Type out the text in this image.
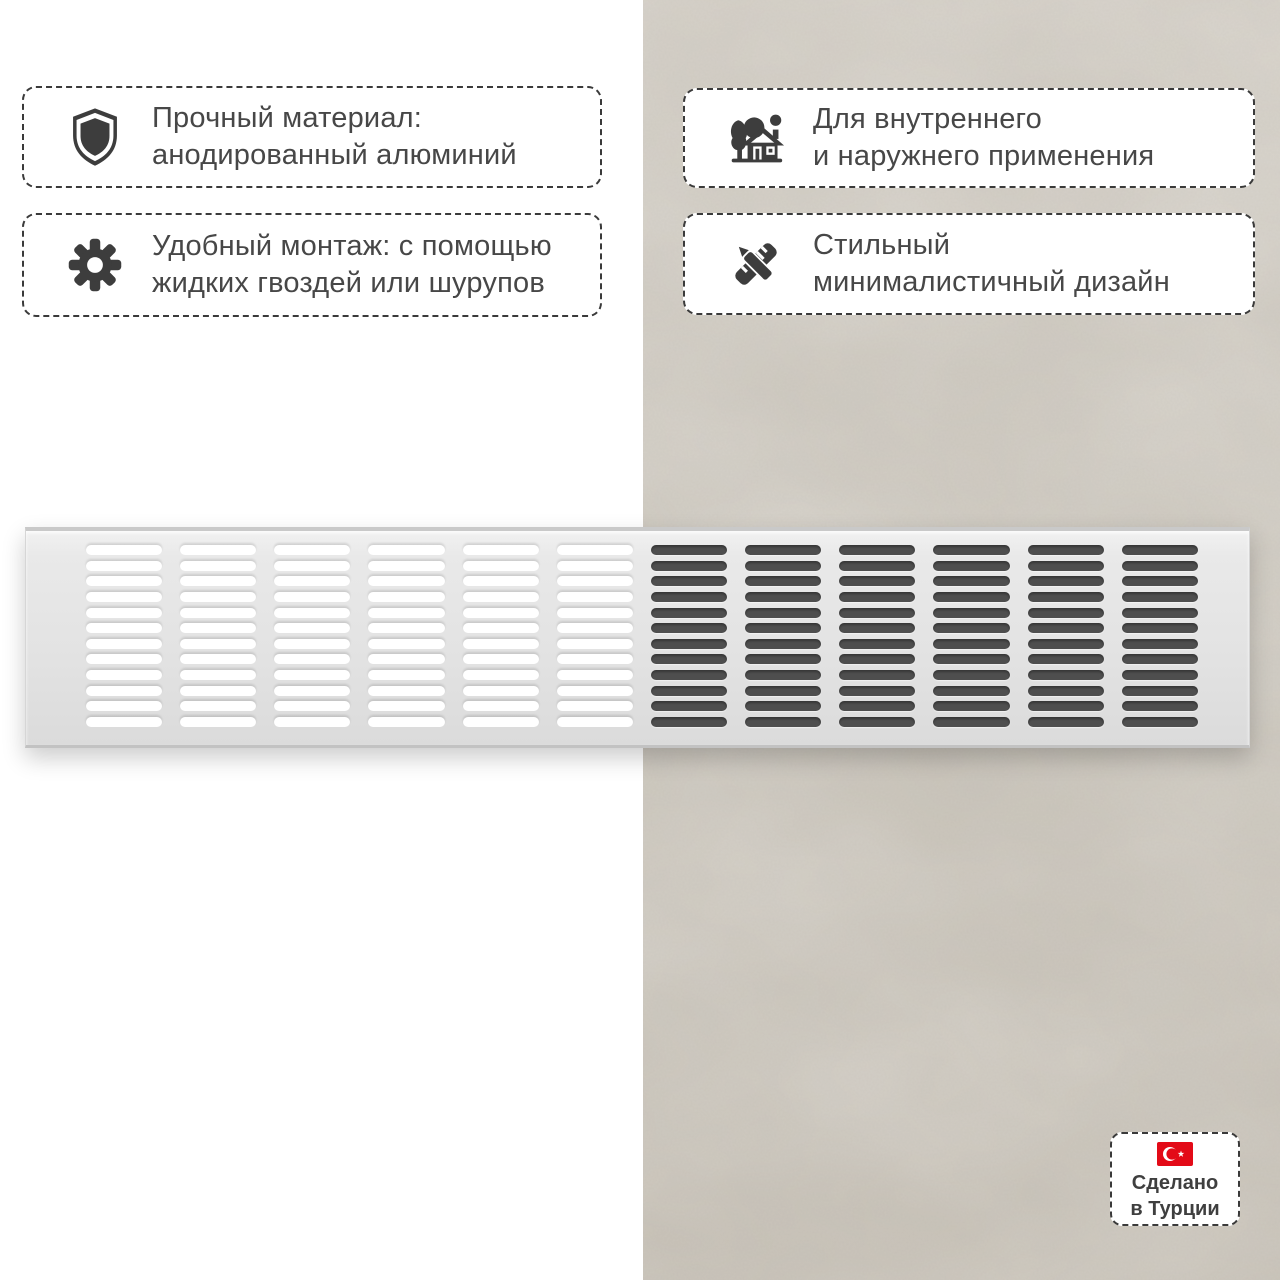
Прочный материал:
анодированный алюминий
Удобный монтаж: с помощью
жидких гвоздей или шурупов
Для внутреннего
и наружнего применения
Стильный
минималистичный дизайн
Сделано
в Турции
